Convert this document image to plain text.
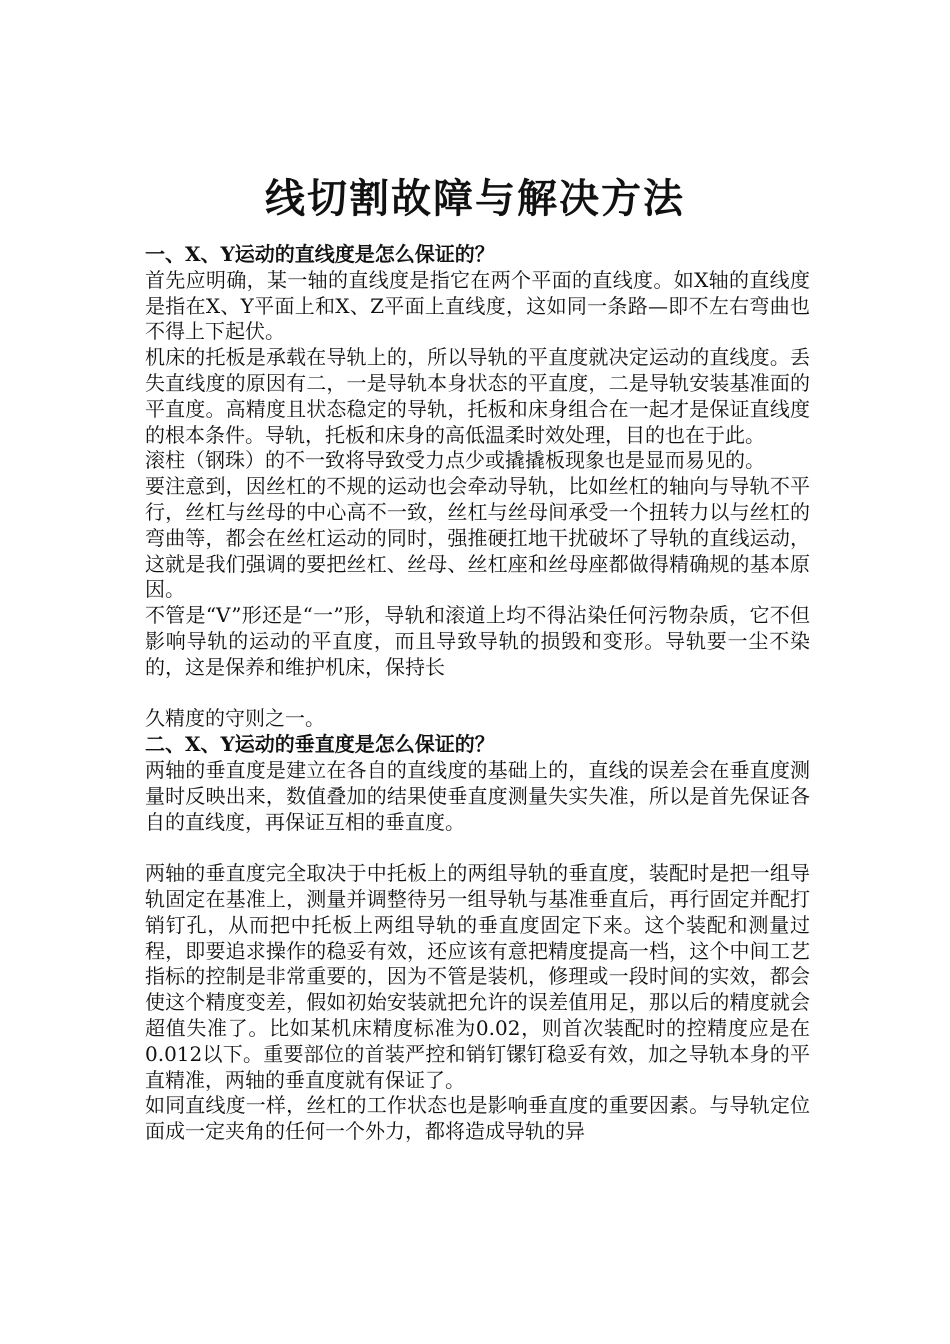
线切割故障与解决方法
一、X、Y运动的直线度是怎么保证的？

首先应明确，某一轴的直线度是指它在两个平面的直线度。如X轴的直线度是指在X、Y平面上和X、Z平面上直线度，这如同一条路—即不左右弯曲也不得上下起伏。

机床的托板是承载在导轨上的，所以导轨的平直度就决定运动的直线度。丢失直线度的原因有二，一是导轨本身状态的平直度，二是导轨安装基准面的平直度。高精度且状态稳定的导轨，托板和床身组合在一起才是保证直线度的根本条件。导轨，托板和床身的高低温柔时效处理，目的也在于此。

滚柱（钢珠）的不一致将导致受力点少或撬撬板现象也是显而易见的。

要注意到，因丝杠的不规的运动也会牵动导轨，比如丝杠的轴向与导轨不平行，丝杠与丝母的中心高不一致，丝杠与丝母间承受一个扭转力以与丝杠的弯曲等，都会在丝杠运动的同时，强推硬扛地干扰破坏了导轨的直线运动，这就是我们强调的要把丝杠、丝母、丝杠座和丝母座都做得精确规的基本原因。

不管是“V”形还是“一”形，导轨和滚道上均不得沾染任何污物杂质，它不但影响导轨的运动的平直度，而且导致导轨的损毁和变形。导轨要一尘不染的，这是保养和维护机床，保持长

久精度的守则之一。

二、X、Y运动的垂直度是怎么保证的？

两轴的垂直度是建立在各自的直线度的基础上的，直线的误差会在垂直度测量时反映出来，数值叠加的结果使垂直度测量失实失准，所以是首先保证各自的直线度，再保证互相的垂直度。

两轴的垂直度完全取决于中托板上的两组导轨的垂直度，装配时是把一组导轨固定在基准上，测量并调整待另一组导轨与基准垂直后，再行固定并配打销钉孔，从而把中托板上两组导轨的垂直度固定下来。这个装配和测量过程，即要追求操作的稳妥有效，还应该有意把精度提高一档，这个中间工艺指标的控制是非常重要的，因为不管是装机，修理或一段时间的实效，都会使这个精度变差，假如初始安装就把允许的误差值用足，那以后的精度就会超值失准了。比如某机床精度标准为0.02，则首次装配时的控精度应是在0.012以下。重要部位的首装严控和销钉镙钉稳妥有效，加之导轨本身的平直精准，两轴的垂直度就有保证了。

如同直线度一样，丝杠的工作状态也是影响垂直度的重要因素。与导轨定位面成一定夹角的任何一个外力，都将造成导轨的异
